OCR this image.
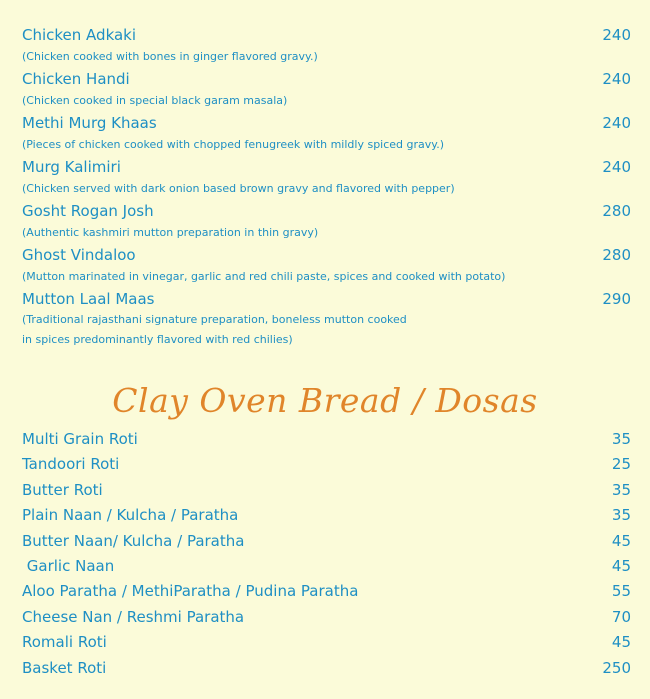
Chicken Adkaki	240
(Chicken cooked with bones in ginger flavored gravy.)
Chicken Handi	240
(Chicken cooked in special black garam masala)
Methi Murg Khaas	240
(Pieces of chicken cooked with chopped fenugreek with mildly spiced gravy.)
Murg Kalimiri	240
(Chicken served with dark onion based brown gravy and flavored with pepper)
Gosht Rogan Josh	280
(Authentic kashmiri mutton preparation in thin gravy)
Ghost Vindaloo	280
(Mutton marinated in vinegar, garlic and red chili paste, spices and cooked with potato)
Mutton Laal Maas	290
(Traditional rajasthani signature preparation, boneless mutton cooked
in spices predominantly flavored with red chilies)
Clay Oven Bread / Dosas
Multi Grain Roti	35
Tandoori Roti	25
Butter Roti	35
Plain Naan / Kulcha / Paratha	35
Butter Naan/ Kulcha / Paratha	45
Garlic Naan	45
Aloo Paratha / MethiParatha / Pudina Paratha	55
Cheese Nan / Reshmi Paratha	70
Romali Roti	45
Basket Roti	250
